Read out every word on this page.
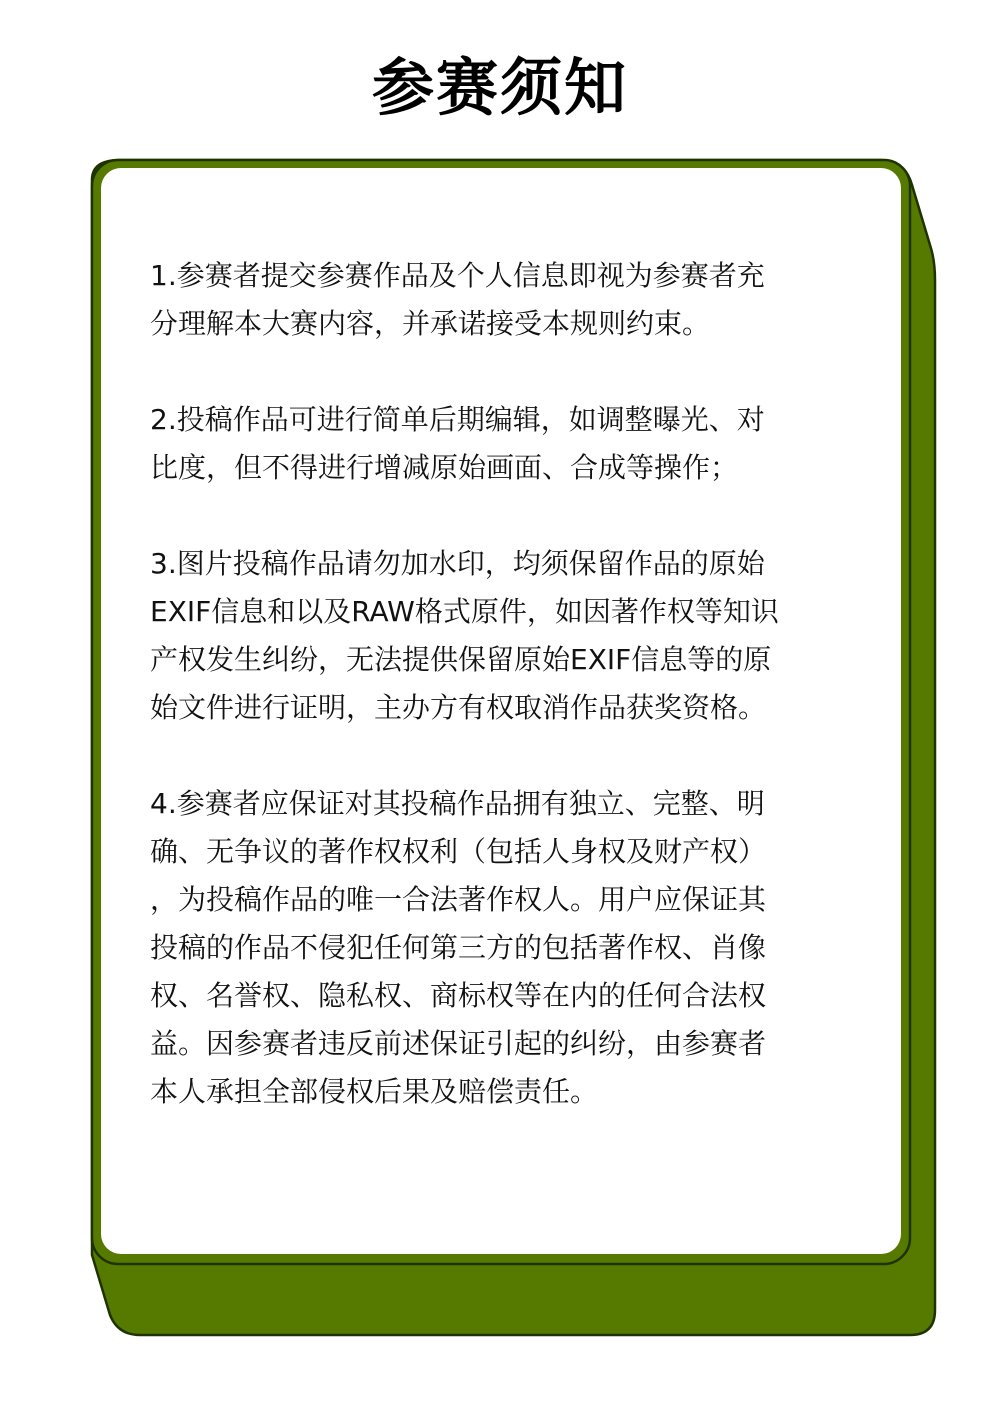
参赛须知

1.参赛者提交参赛作品及个人信息即视为参赛者充
分理解本大赛内容，并承诺接受本规则约束。

2.投稿作品可进行简单后期编辑，如调整曝光、对
比度，但不得进行增减原始画面、合成等操作；

3.图片投稿作品请勿加水印，均须保留作品的原始
EXIF信息和以及RAW格式原件，如因著作权等知识
产权发生纠纷，无法提供保留原始EXIF信息等的原
始文件进行证明，主办方有权取消作品获奖资格。

4.参赛者应保证对其投稿作品拥有独立、完整、明
确、无争议的著作权权利（包括人身权及财产权）
，为投稿作品的唯一合法著作权人。用户应保证其
投稿的作品不侵犯任何第三方的包括著作权、肖像
权、名誉权、隐私权、商标权等在内的任何合法权
益。因参赛者违反前述保证引起的纠纷，由参赛者
本人承担全部侵权后果及赔偿责任。
